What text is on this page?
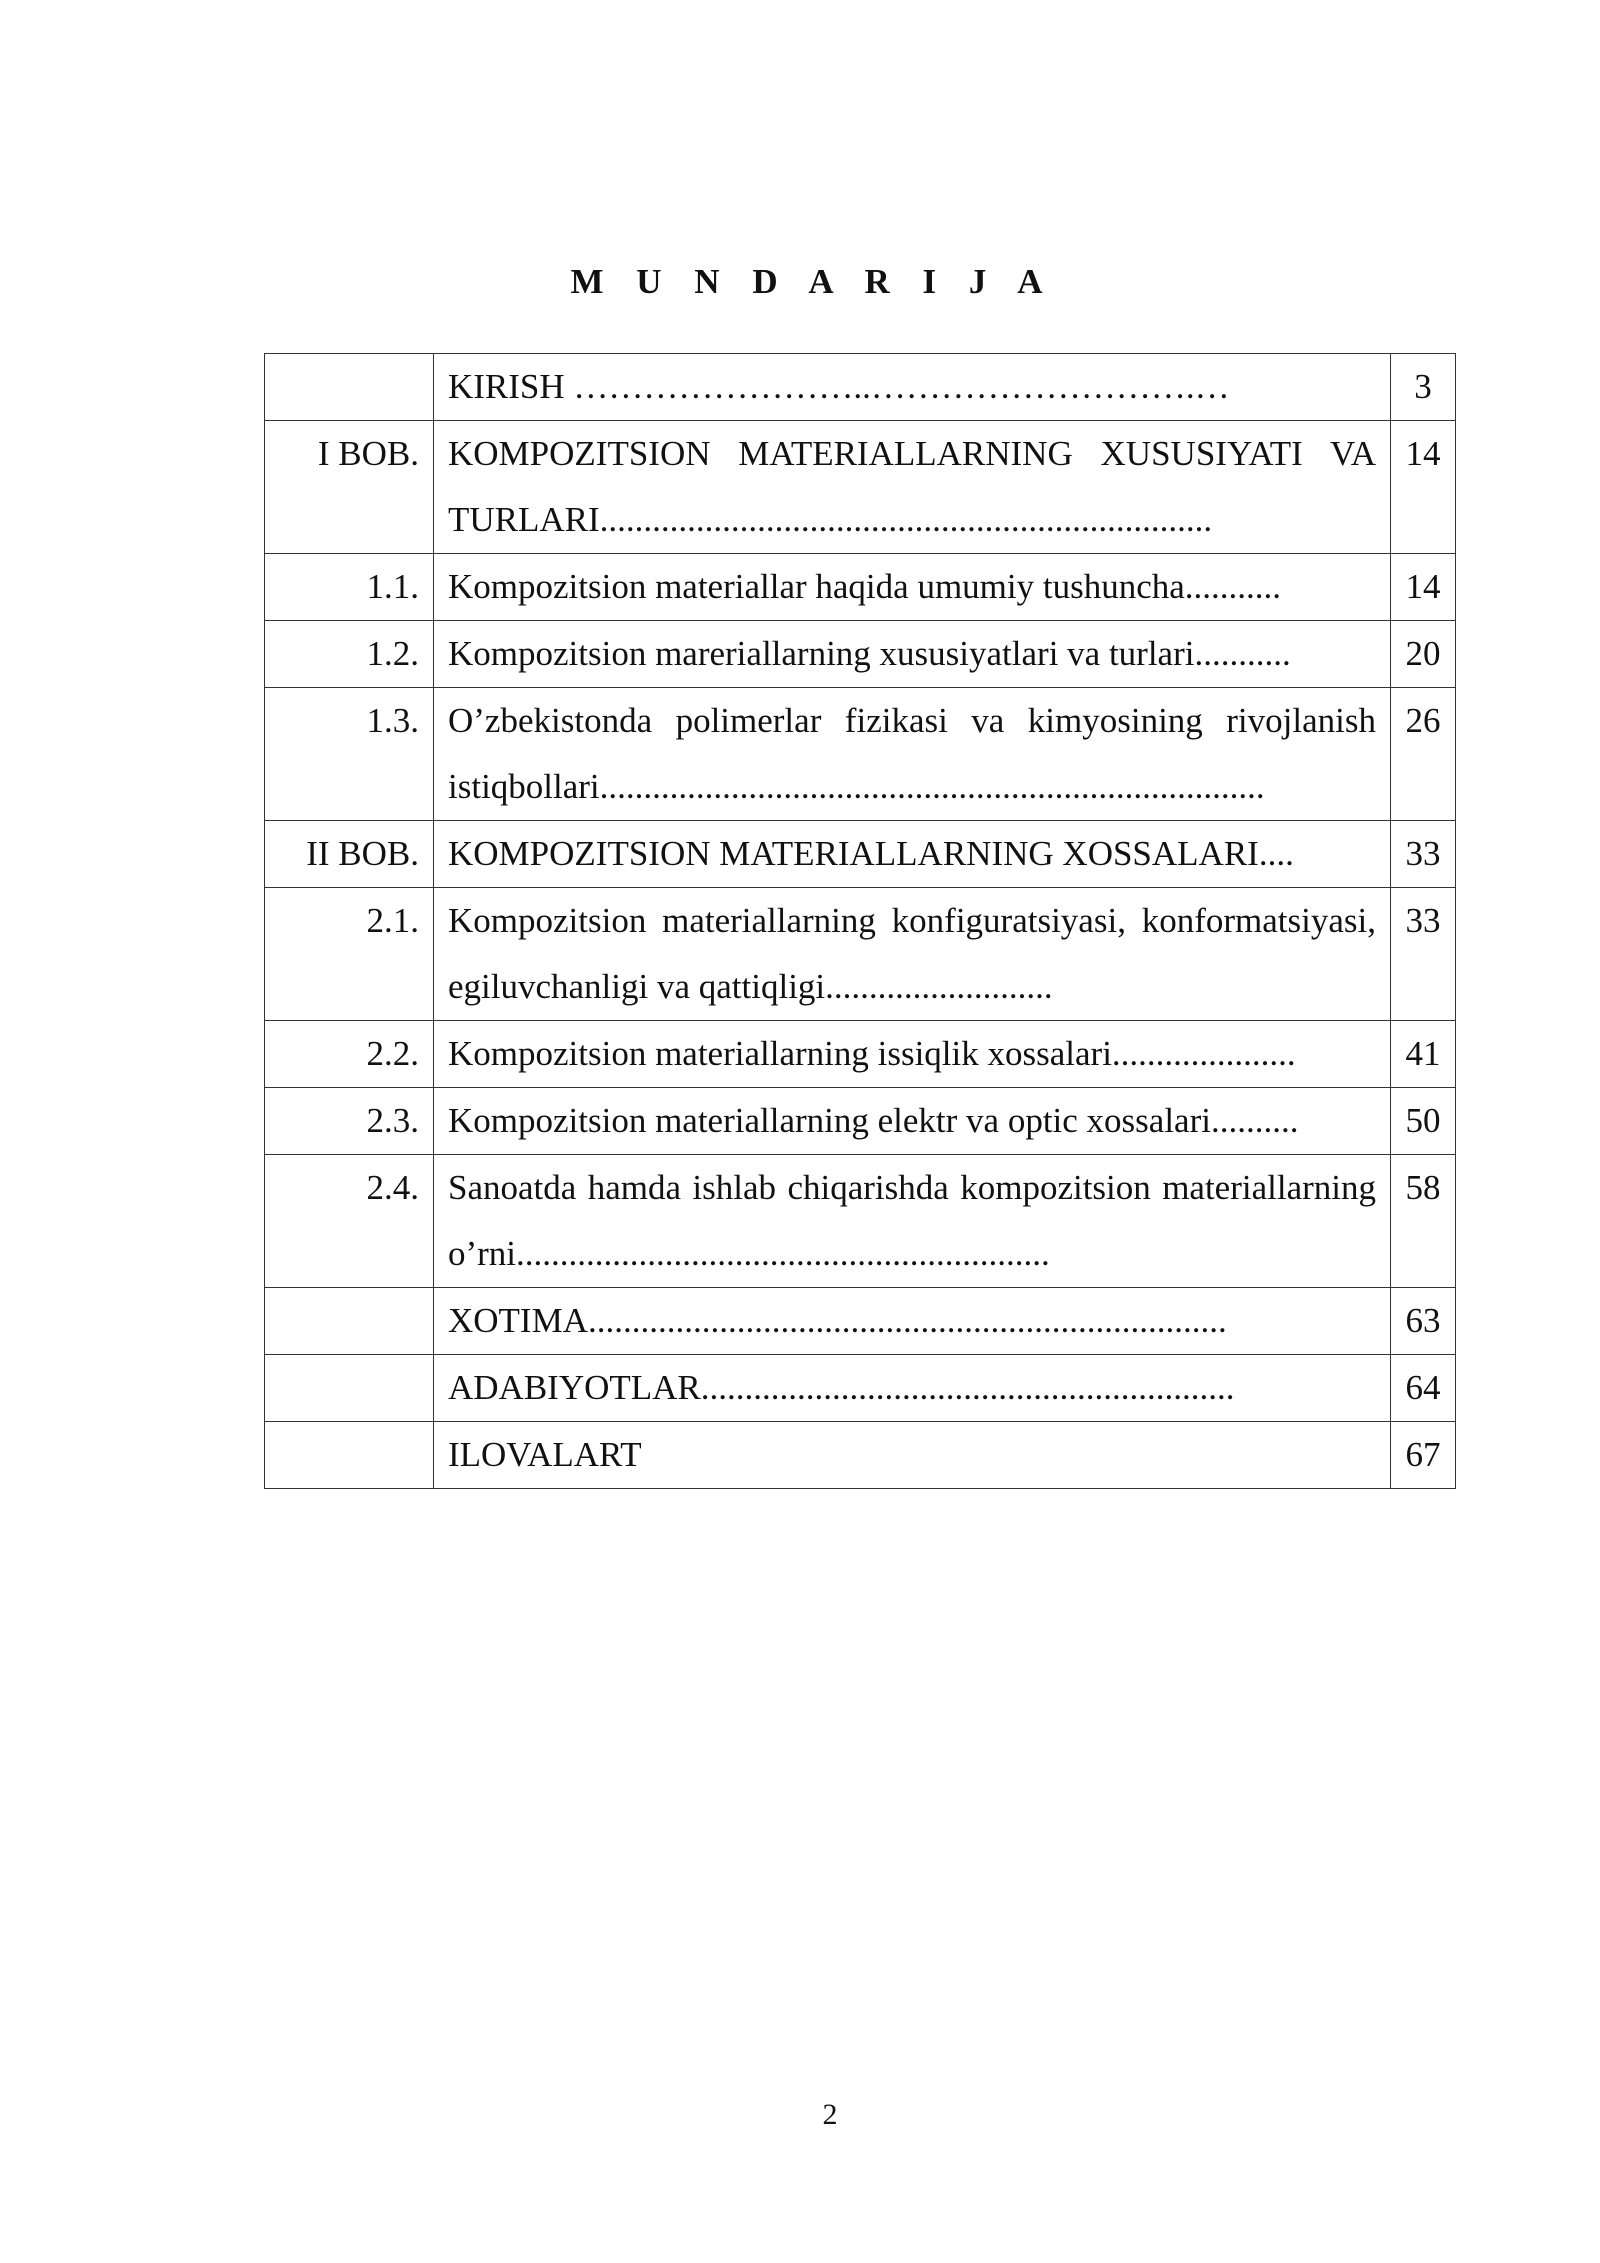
M U N D A R I J A
	KIRISH ……………………..……………………….…	3
I BOB.	KOMPOZITSION MATERIALLARNING XUSUSIYATI VA TURLARI......................................................................	14
1.1.	Kompozitsion materiallar haqida umumiy tushuncha...........	14
1.2.	Kompozitsion mareriallarning xususiyatlari va turlari...........	20
1.3.	O’zbekistonda polimerlar fizikasi va kimyosining rivojlanish istiqbollari............................................................................	26
II BOB.	KOMPOZITSION MATERIALLARNING XOSSALARI....	33
2.1.	Kompozitsion materiallarning konfiguratsiyasi, konformatsiyasi, egiluvchanligi va qattiqligi..........................	33
2.2.	Kompozitsion materiallarning issiqlik xossalari.....................	41
2.3.	Kompozitsion materiallarning elektr va optic xossalari..........	50
2.4.	Sanoatda hamda ishlab chiqarishda kompozitsion materiallarning o’rni.............................................................	58
	XOTIMA.........................................................................	63
	ADABIYOTLAR.............................................................	64
	ILOVALART	67
2
